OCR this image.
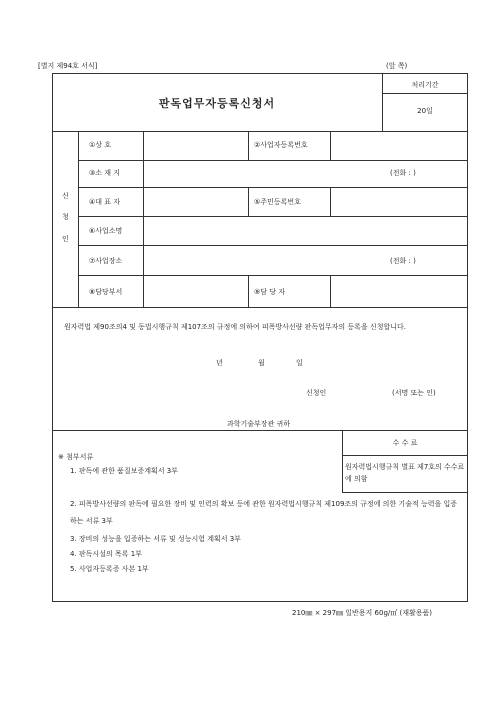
[별지 제94호 서식]	(앞 쪽)
판독업무자등록신청서
처리기간
20일
신
청
인
①상 호	②사업자등록번호
③소 재 지	(전화 : )
④대 표 자	⑤주민등록번호
⑥사업소명
⑦사업장소	(전화 : )
⑧담당부서	⑨담 당 자
원자력법 제90조의4 및 동법시행규칙 제107조의 규정에 의하여 피폭방사선량 판독업무자의 등록을 신청합니다.
년	월	일
신청인	(서명 또는 인)
과학기술부장관 귀하
수 수 료
원자력법시행규칙 별표 제7호의 수수료에 의함
※ 첨부서류
1. 판독에 관한 품질보증계획서 3부
2. 피폭방사선량의 판독에 필요한 장비 및 인력의 확보 등에 관한 원자력법시행규칙 제109조의 규정에 의한 기술적 능력을 입증하는 서류 3부
3. 장비의 성능을 입증하는 서류 및 성능시험 계획서 3부
4. 판독시설의 목록 1부
5. 사업자등록증 사본 1부
210㎜ × 297㎜ 일반용지 60g/㎡ (재활용품)
